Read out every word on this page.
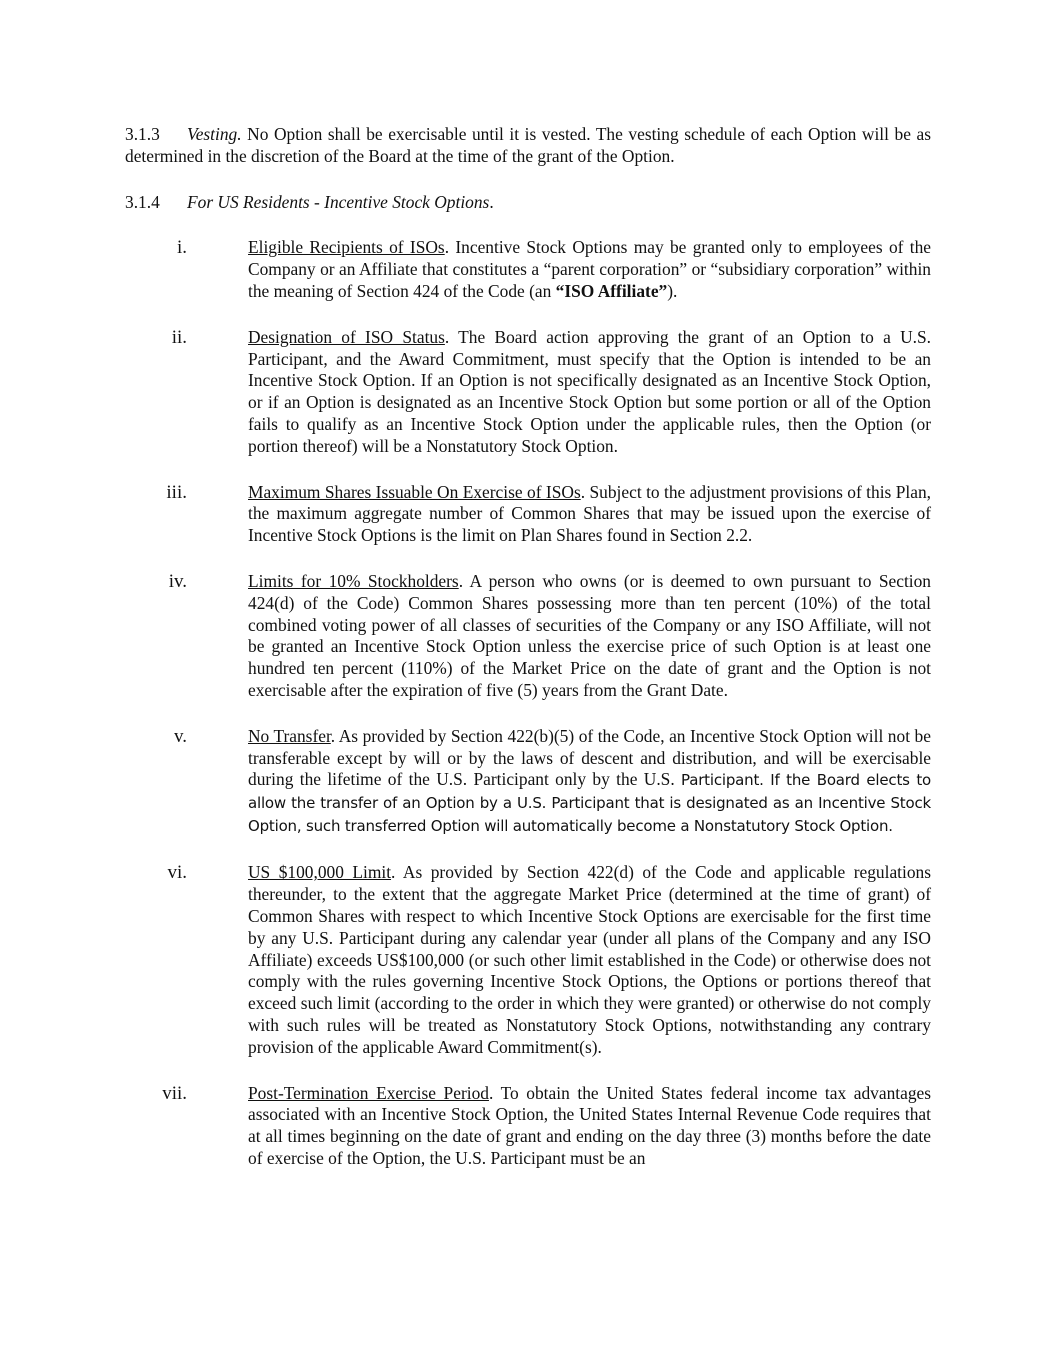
3.1.3 Vesting. No Option shall be exercisable until it is vested. The vesting schedule of each Option will be as determined in the discretion of the Board at the time of the grant of the Option.

3.1.4 For US Residents - Incentive Stock Options.

i.	Eligible Recipients of ISOs. Incentive Stock Options may be granted only to employees of the Company or an Affiliate that constitutes a “parent corporation” or “subsidiary corporation” within the meaning of Section 424 of the Code (an “ISO Affiliate”).
ii.	Designation of ISO Status. The Board action approving the grant of an Option to a U.S. Participant, and the Award Commitment, must specify that the Option is intended to be an Incentive Stock Option. If an Option is not specifically designated as an Incentive Stock Option, or if an Option is designated as an Incentive Stock Option but some portion or all of the Option fails to qualify as an Incentive Stock Option under the applicable rules, then the Option (or portion thereof) will be a Nonstatutory Stock Option.
iii.	Maximum Shares Issuable On Exercise of ISOs. Subject to the adjustment provisions of this Plan, the maximum aggregate number of Common Shares that may be issued upon the exercise of Incentive Stock Options is the limit on Plan Shares found in Section 2.2.
iv.	Limits for 10% Stockholders. A person who owns (or is deemed to own pursuant to Section 424(d) of the Code) Common Shares possessing more than ten percent (10%) of the total combined voting power of all classes of securities of the Company or any ISO Affiliate, will not be granted an Incentive Stock Option unless the exercise price of such Option is at least one hundred ten percent (110%) of the Market Price on the date of grant and the Option is not exercisable after the expiration of five (5) years from the Grant Date.
v.	No Transfer. As provided by Section 422(b)(5) of the Code, an Incentive Stock Option will not be transferable except by will or by the laws of descent and distribution, and will be exercisable during the lifetime of the U.S. Participant only by the U.S. Participant. If the Board elects to allow the transfer of an Option by a U.S. Participant that is designated as an Incentive Stock Option, such transferred Option will automatically become a Nonstatutory Stock Option.
vi.	US $100,000 Limit. As provided by Section 422(d) of the Code and applicable regulations thereunder, to the extent that the aggregate Market Price (determined at the time of grant) of Common Shares with respect to which Incentive Stock Options are exercisable for the first time by any U.S. Participant during any calendar year (under all plans of the Company and any ISO Affiliate) exceeds US$100,000 (or such other limit established in the Code) or otherwise does not comply with the rules governing Incentive Stock Options, the Options or portions thereof that exceed such limit (according to the order in which they were granted) or otherwise do not comply with such rules will be treated as Nonstatutory Stock Options, notwithstanding any contrary provision of the applicable Award Commitment(s).
vii.	Post-Termination Exercise Period. To obtain the United States federal income tax advantages associated with an Incentive Stock Option, the United States Internal Revenue Code requires that at all times beginning on the date of grant and ending on the day three (3) months before the date of exercise of the Option, the U.S. Participant must be an
